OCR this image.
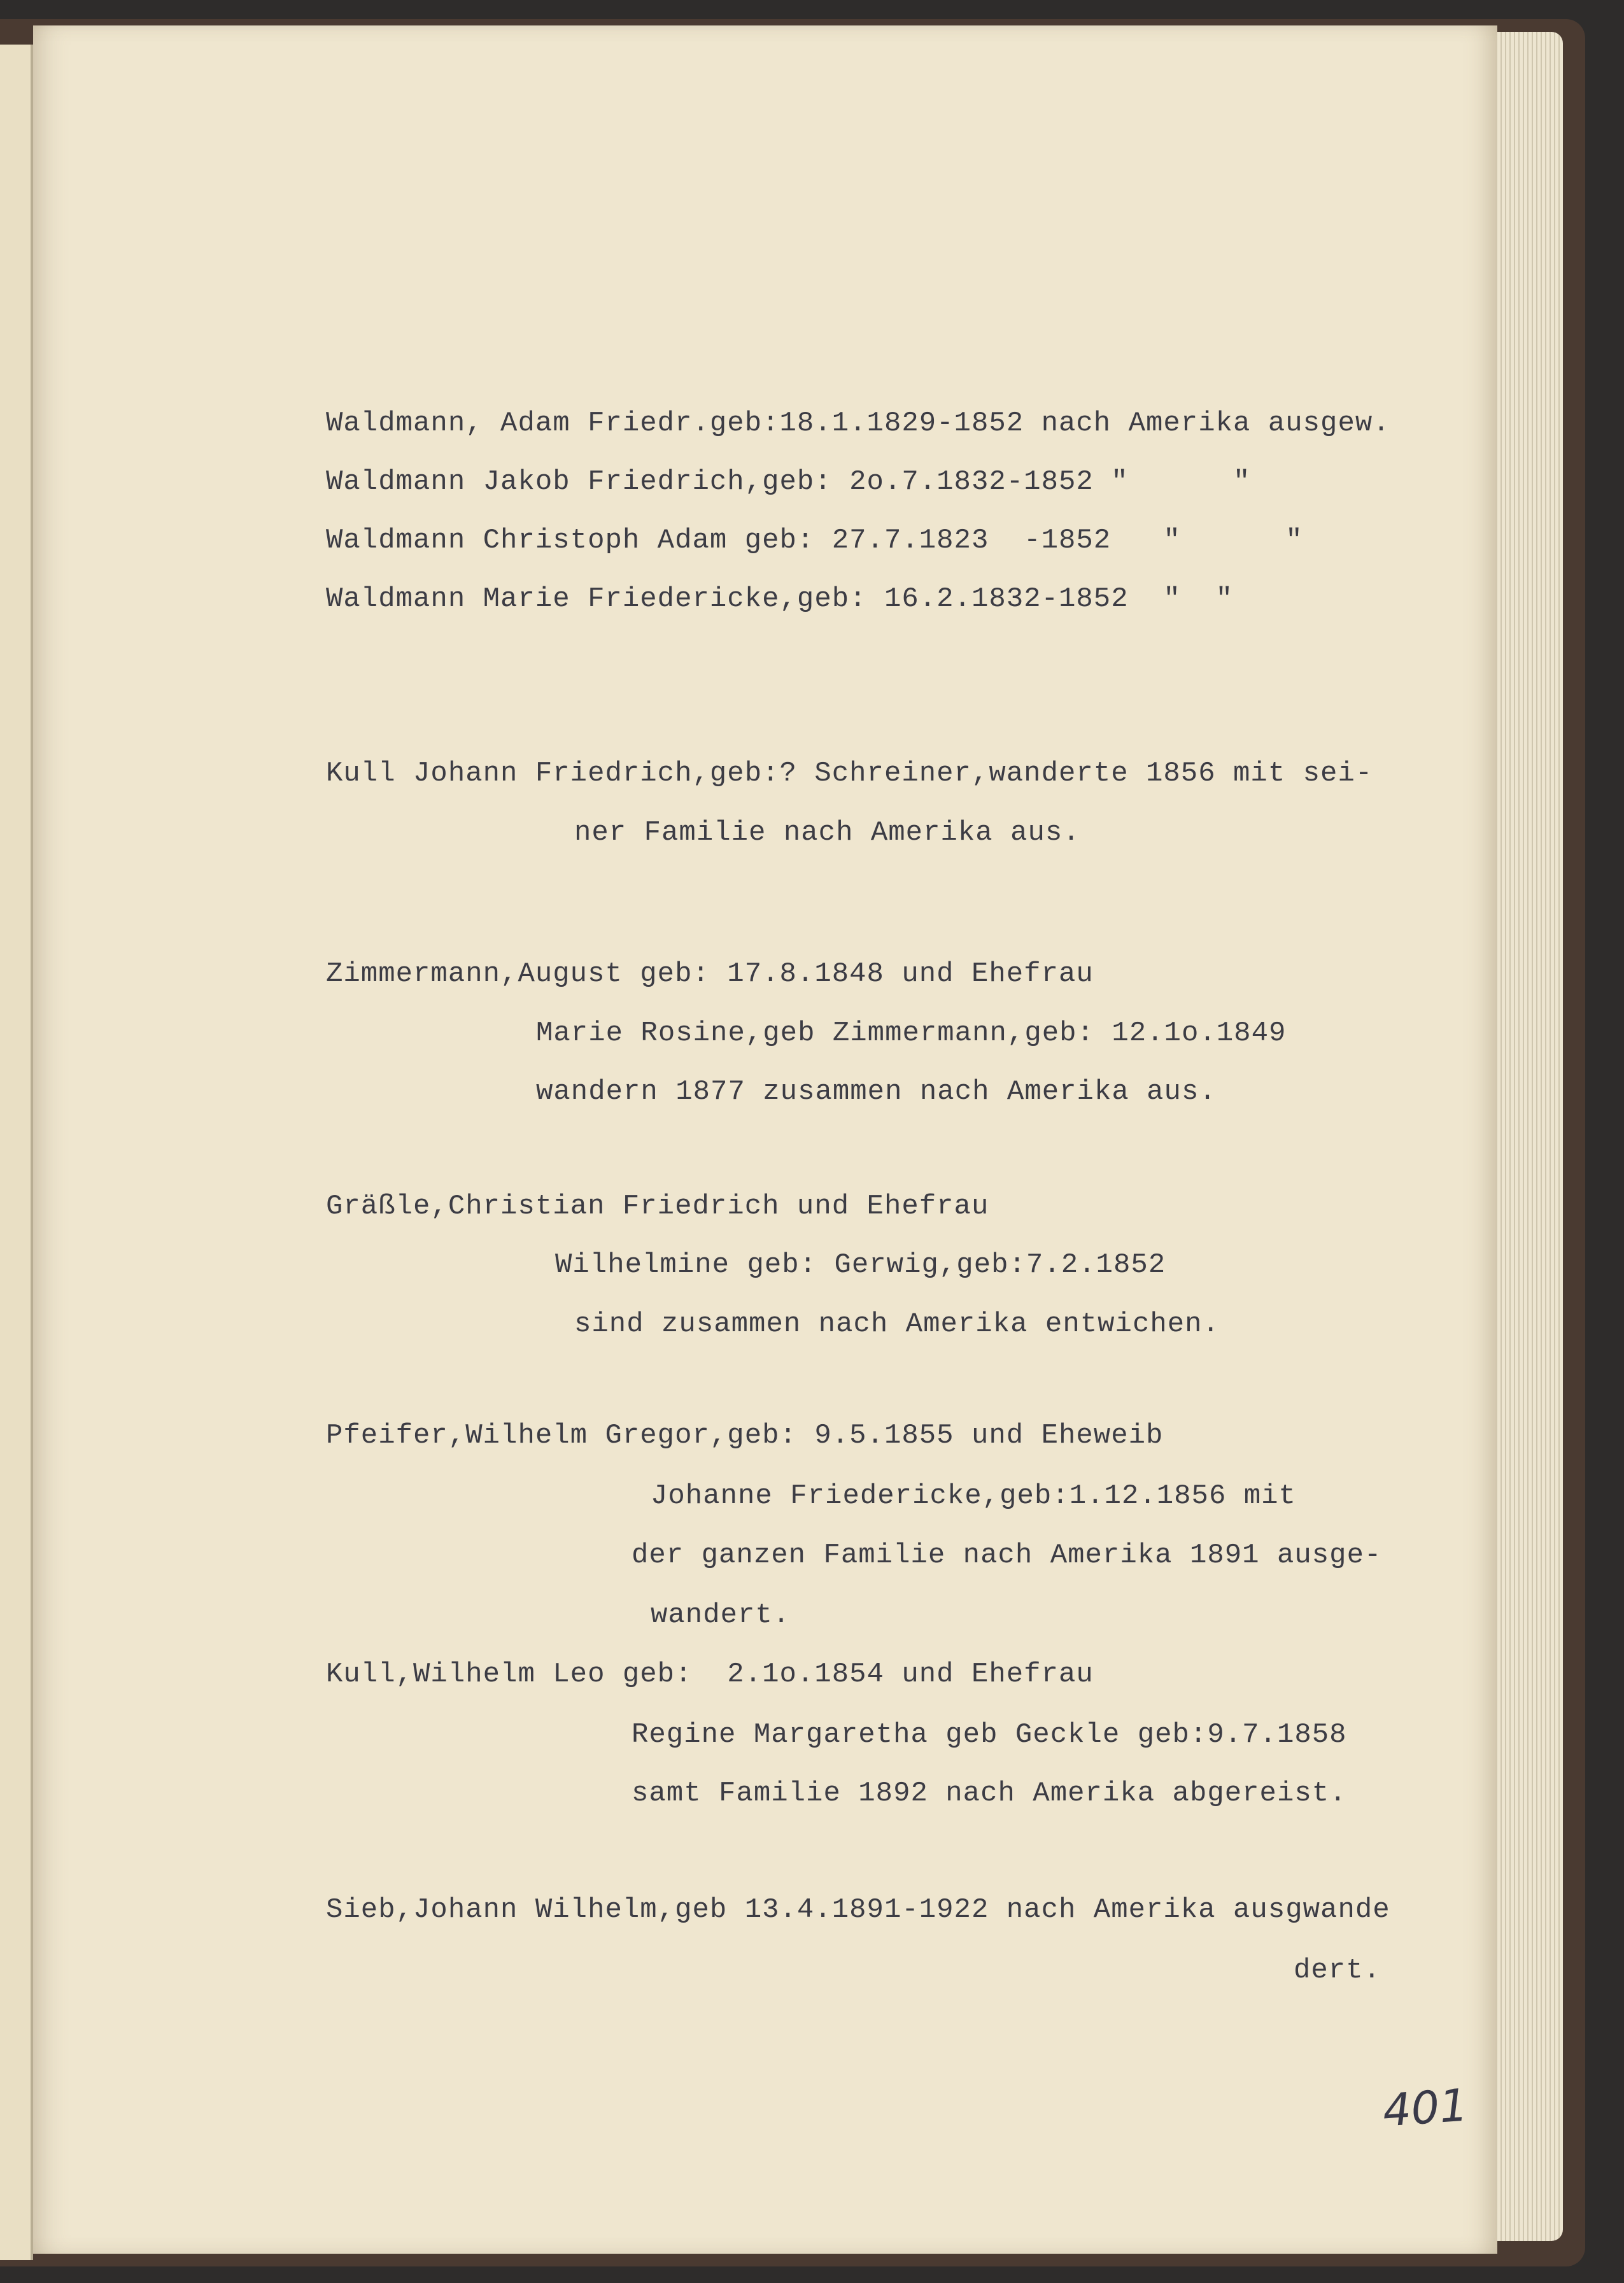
Waldmann, Adam Friedr.geb:18.1.1829-1852 nach Amerika ausgew.
Waldmann Jakob Friedrich,geb: 2o.7.1832-1852 "      "
Waldmann Christoph Adam geb: 27.7.1823  -1852   "      "
Waldmann Marie Friedericke,geb: 16.2.1832-1852  "  "
Kull Johann Friedrich,geb:? Schreiner,wanderte 1856 mit sei-
ner Familie nach Amerika aus.
Zimmermann,August geb: 17.8.1848 und Ehefrau
Marie Rosine,geb Zimmermann,geb: 12.1o.1849
wandern 1877 zusammen nach Amerika aus.
Gräßle,Christian Friedrich und Ehefrau
Wilhelmine geb: Gerwig,geb:7.2.1852
sind zusammen nach Amerika entwichen.
Pfeifer,Wilhelm Gregor,geb: 9.5.1855 und Eheweib
Johanne Friedericke,geb:1.12.1856 mit
der ganzen Familie nach Amerika 1891 ausge-
wandert.
Kull,Wilhelm Leo geb:  2.1o.1854 und Ehefrau
Regine Margaretha geb Geckle geb:9.7.1858
samt Familie 1892 nach Amerika abgereist.
Sieb,Johann Wilhelm,geb 13.4.1891-1922 nach Amerika ausgwande
dert.
401
